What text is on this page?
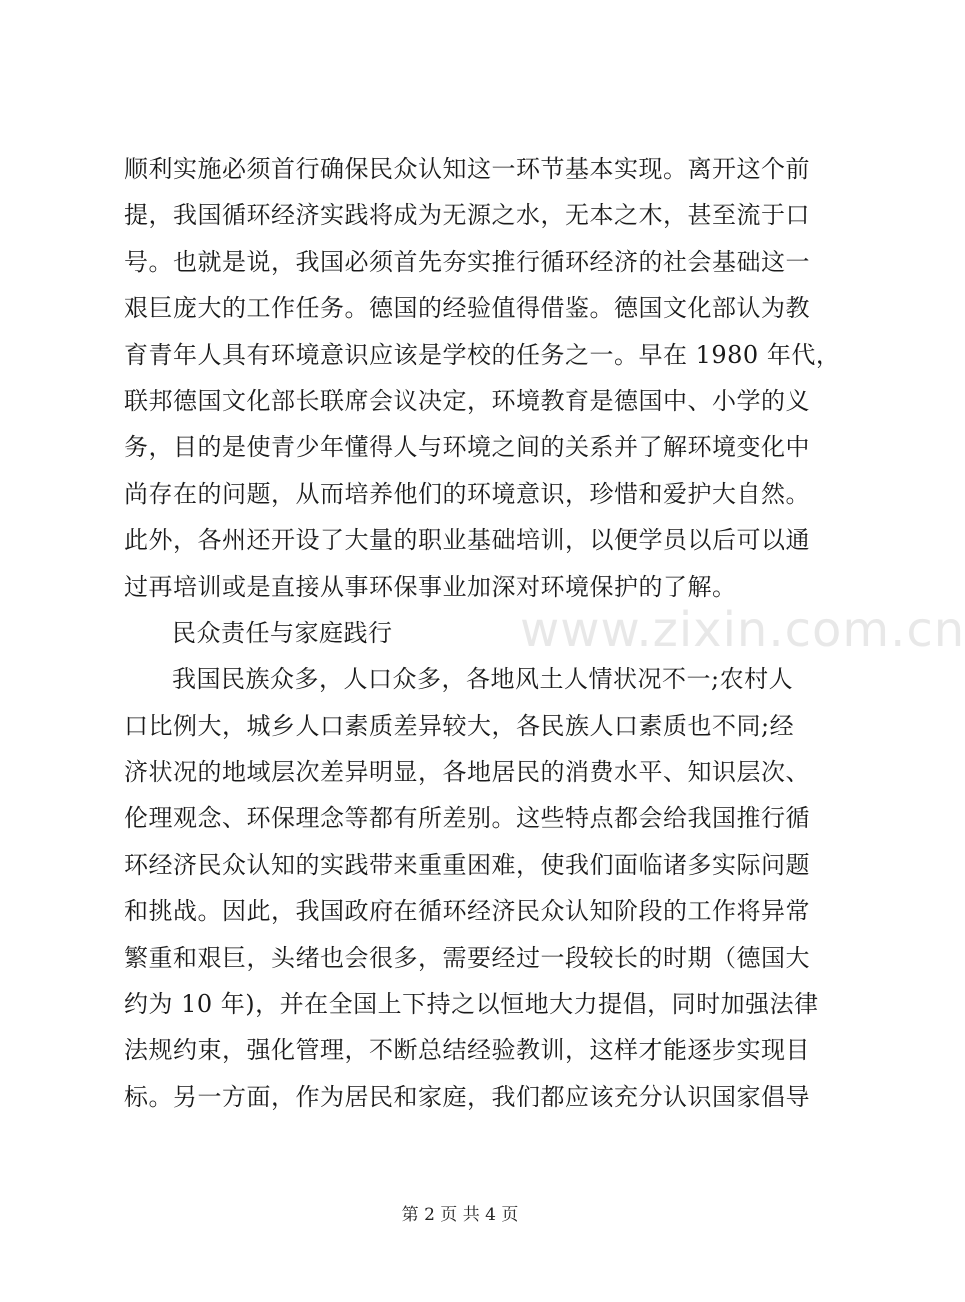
顺利实施必须首行确保民众认知这一环节基本实现。离开这个前
提，我国循环经济实践将成为无源之水，无本之木，甚至流于口
号。也就是说，我国必须首先夯实推行循环经济的社会基础这一
艰巨庞大的工作任务。德国的经验值得借鉴。德国文化部认为教
育青年人具有环境意识应该是学校的任务之一。早在 1980 年代，
联邦德国文化部长联席会议决定，环境教育是德国中、小学的义
务，目的是使青少年懂得人与环境之间的关系并了解环境变化中
尚存在的问题，从而培养他们的环境意识，珍惜和爱护大自然。
此外，各州还开设了大量的职业基础培训，以便学员以后可以通
过再培训或是直接从事环保事业加深对环境保护的了解。
民众责任与家庭践行
我国民族众多，人口众多，各地风土人情状况不一;农村人
口比例大，城乡人口素质差异较大，各民族人口素质也不同;经
济状况的地域层次差异明显，各地居民的消费水平、知识层次、
伦理观念、环保理念等都有所差别。这些特点都会给我国推行循
环经济民众认知的实践带来重重困难，使我们面临诸多实际问题
和挑战。因此，我国政府在循环经济民众认知阶段的工作将异常
繁重和艰巨，头绪也会很多，需要经过一段较长的时期（德国大
约为 10 年)，并在全国上下持之以恒地大力提倡，同时加强法律
法规约束，强化管理，不断总结经验教训，这样才能逐步实现目
标。另一方面，作为居民和家庭，我们都应该充分认识国家倡导
www.zixin.com.cn
第 2 页 共 4 页
